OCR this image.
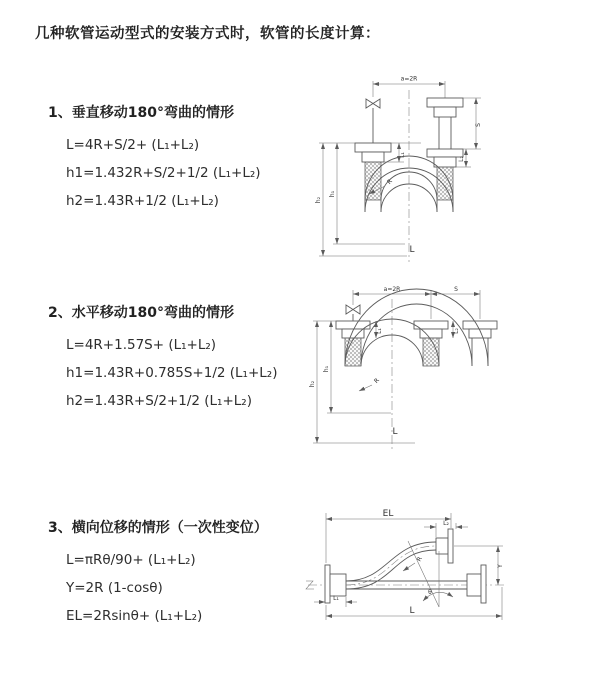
几种软管运动型式的安装方式时，软管的长度计算：
1、垂直移动180°弯曲的情形
L=4R+S/2+ (L₁+L₂)
h1=1.432R+S/2+1/2 (L₁+L₂)
h2=1.43R+1/2 (L₁+L₂)
a=2R
L₁
S
L₂
h₁
h₂
R
L
2、水平移动180°弯曲的情形
L=4R+1.57S+ (L₁+L₂)
h1=1.43R+0.785S+1/2 (L₁+L₂)
h2=1.43R+S/2+1/2 (L₁+L₂)
a=2R	S
L₁	L₂
h₁
h₂	R
L
3、横向位移的情形（一次性变位）
L=πRθ/90+ (L₁+L₂)
Y=2R (1-cosθ)
EL=2Rsinθ+ (L₁+L₂)
EL
L₂
Y
R
θ
L₁
L
